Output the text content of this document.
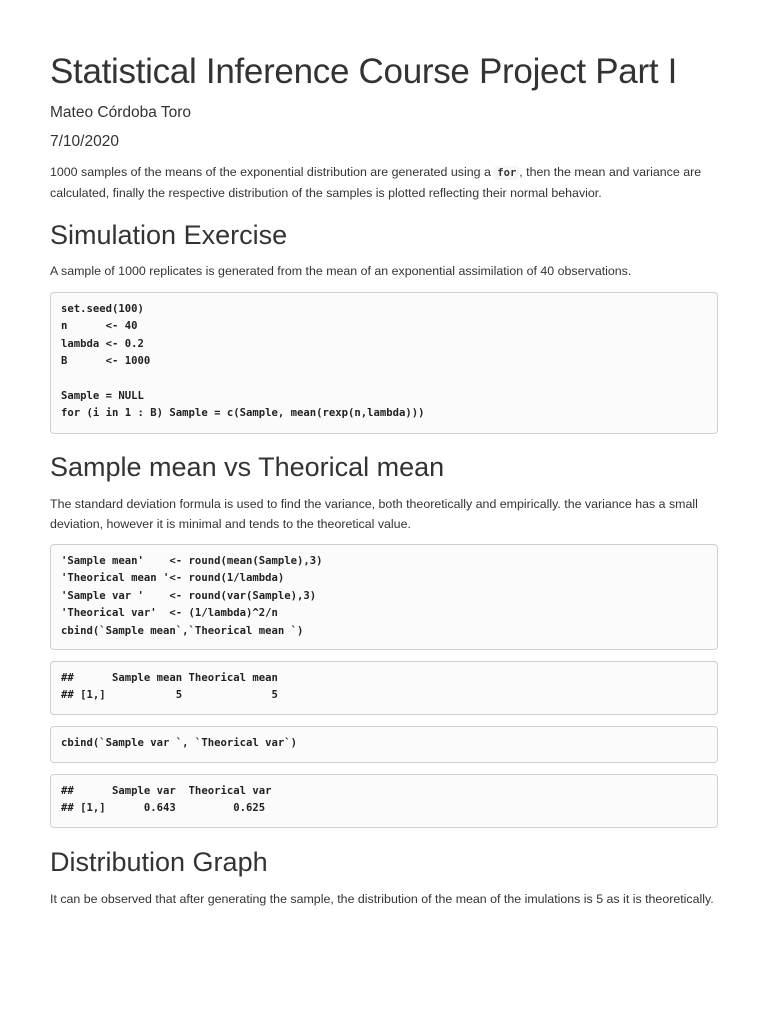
Statistical Inference Course Project Part I
Mateo Córdoba Toro
7/10/2020

1000 samples of the means of the exponential distribution are generated using a for , then the mean and variance are calculated, finally the respective distribution of the samples is plotted reflecting their normal behavior.

Simulation Exercise

A sample of 1000 replicates is generated from the mean of an exponential assimilation of 40 observations.

set.seed(100)
n      <- 40
lambda <- 0.2
B      <- 1000
Sample = NULL
for (i in 1 : B) Sample = c(Sample, mean(rexp(n,lambda)))
Sample mean vs Theorical mean

The standard deviation formula is used to find the variance, both theoretically and empirically. the variance has a small deviation, however it is minimal and tends to the theoretical value.

'Sample mean'    <- round(mean(Sample),3)
'Theorical mean '<- round(1/lambda)
'Sample var '    <- round(var(Sample),3)
'Theorical var'  <- (1/lambda)^2/n
cbind(`Sample mean`,`Theorical mean `)
##      Sample mean Theorical mean
## [1,]           5              5
cbind(`Sample var `, `Theorical var`)
##      Sample var  Theorical var
## [1,]      0.643         0.625
Distribution Graph

It can be observed that after generating the sample, the distribution of the mean of the imulations is 5 as it is theoretically.
